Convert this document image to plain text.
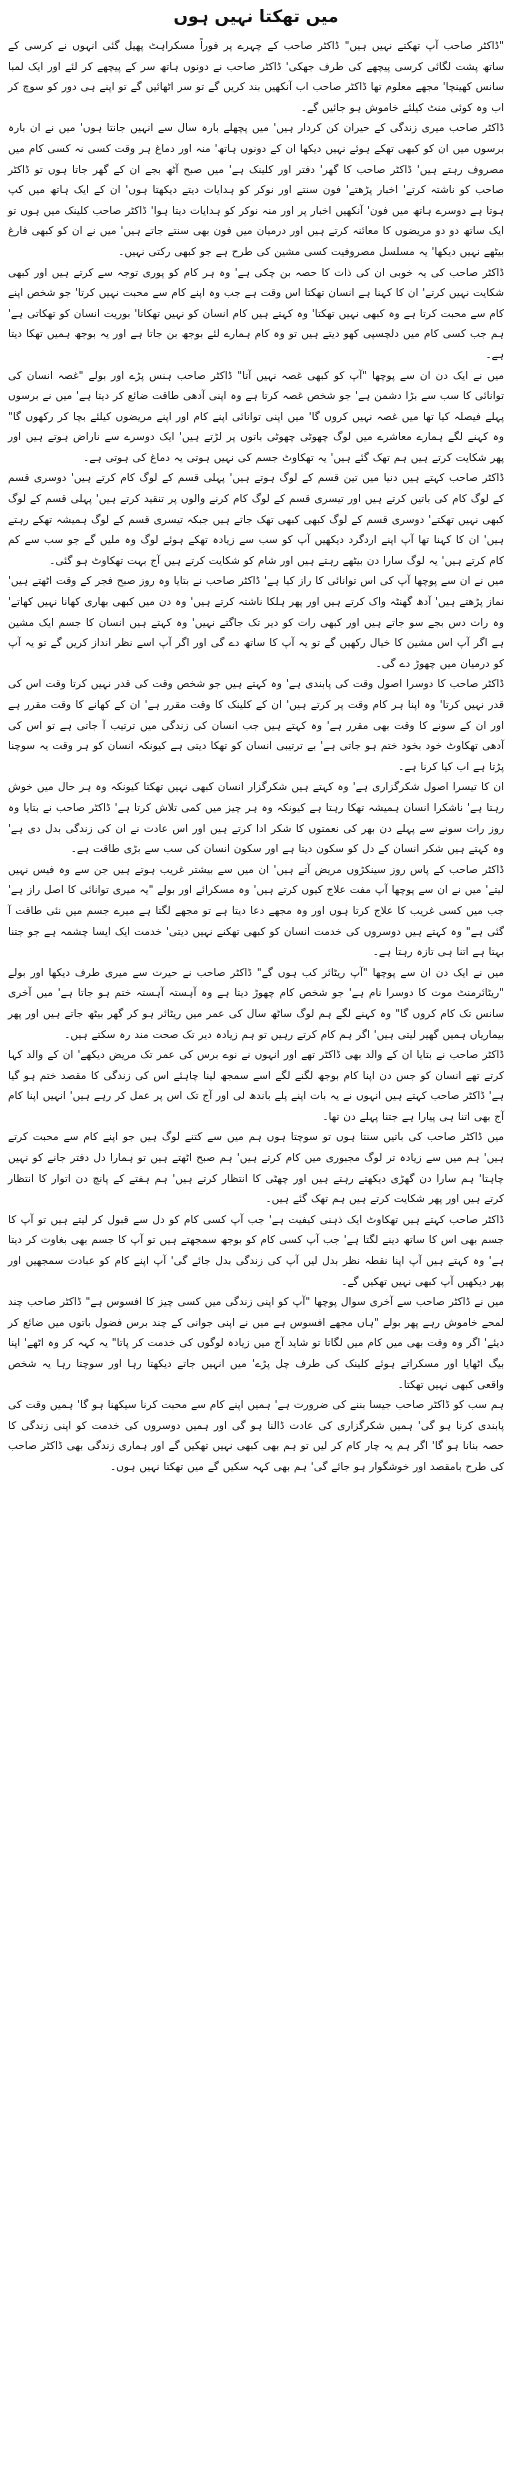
میں تھکتا نہیں ہوں

"ڈاکٹر صاحب آپ تھکتے نہیں ہیں" ڈاکٹر صاحب کے چہرے پر فوراً مسکراہٹ پھیل گئی انہوں نے کرسی کے ساتھ پشت لگائی کرسی پیچھے کی طرف جھکی' ڈاکٹر صاحب نے دونوں ہاتھ سر کے پیچھے کر لئے اور ایک لمبا سانس کھینچا' مجھے معلوم تھا ڈاکٹر صاحب اب آنکھیں بند کریں گے تو سر اٹھائیں گے تو اپنے ہی دور کو سوچ کر اب وہ کوئی منٹ کیلئے خاموش ہو جائیں گے۔

ڈاکٹر صاحب میری زندگی کے حیران کن کردار ہیں' میں پچھلے بارہ سال سے انہیں جانتا ہوں' میں نے ان بارہ برسوں میں ان کو کبھی تھکے ہوئے نہیں دیکھا ان کے دونوں ہاتھ' منہ اور دماغ ہر وقت کسی نہ کسی کام میں مصروف رہتے ہیں' ڈاکٹر صاحب کا گھر' دفتر اور کلینک ہے' میں صبح آٹھ بجے ان کے گھر جاتا ہوں تو ڈاکٹر صاحب کو ناشتہ کرتے' اخبار پڑھتے' فون سنتے اور نوکر کو ہدایات دیتے دیکھتا ہوں' ان کے ایک ہاتھ میں کپ ہوتا ہے دوسرے ہاتھ میں فون' آنکھیں اخبار پر اور منہ نوکر کو ہدایات دیتا ہوا' ڈاکٹر صاحب کلینک میں ہوں تو ایک ساتھ دو دو مریضوں کا معائنہ کرتے ہیں اور درمیان میں فون بھی سنتے جاتے ہیں' میں نے ان کو کبھی فارغ بیٹھے نہیں دیکھا' یہ مسلسل مصروفیت کسی مشین کی طرح ہے جو کبھی رکتی نہیں۔

ڈاکٹر صاحب کی یہ خوبی ان کی ذات کا حصہ بن چکی ہے' وہ ہر کام کو پوری توجہ سے کرتے ہیں اور کبھی شکایت نہیں کرتے' ان کا کہنا ہے انسان تھکتا اس وقت ہے جب وہ اپنے کام سے محبت نہیں کرتا' جو شخص اپنے کام سے محبت کرتا ہے وہ کبھی نہیں تھکتا' وہ کہتے ہیں کام انسان کو نہیں تھکاتا' بوریت انسان کو تھکاتی ہے' ہم جب کسی کام میں دلچسپی کھو دیتے ہیں تو وہ کام ہمارے لئے بوجھ بن جاتا ہے اور یہ بوجھ ہمیں تھکا دیتا ہے۔

میں نے ایک دن ان سے پوچھا "آپ کو کبھی غصہ نہیں آتا" ڈاکٹر صاحب ہنس پڑے اور بولے "غصہ انسان کی توانائی کا سب سے بڑا دشمن ہے' جو شخص غصہ کرتا ہے وہ اپنی آدھی طاقت ضائع کر دیتا ہے' میں نے برسوں پہلے فیصلہ کیا تھا میں غصہ نہیں کروں گا' میں اپنی توانائی اپنے کام اور اپنے مریضوں کیلئے بچا کر رکھوں گا" وہ کہنے لگے ہمارے معاشرے میں لوگ چھوٹی چھوٹی باتوں پر لڑتے ہیں' ایک دوسرے سے ناراض ہوتے ہیں اور پھر شکایت کرتے ہیں ہم تھک گئے ہیں' یہ تھکاوٹ جسم کی نہیں ہوتی یہ دماغ کی ہوتی ہے۔

ڈاکٹر صاحب کہتے ہیں دنیا میں تین قسم کے لوگ ہوتے ہیں' پہلی قسم کے لوگ کام کرتے ہیں' دوسری قسم کے لوگ کام کی باتیں کرتے ہیں اور تیسری قسم کے لوگ کام کرنے والوں پر تنقید کرتے ہیں' پہلی قسم کے لوگ کبھی نہیں تھکتے' دوسری قسم کے لوگ کبھی کبھی تھک جاتے ہیں جبکہ تیسری قسم کے لوگ ہمیشہ تھکے رہتے ہیں' ان کا کہنا تھا آپ اپنے اردگرد دیکھیں آپ کو سب سے زیادہ تھکے ہوئے لوگ وہ ملیں گے جو سب سے کم کام کرتے ہیں' یہ لوگ سارا دن بیٹھے رہتے ہیں اور شام کو شکایت کرتے ہیں آج بہت تھکاوٹ ہو گئی۔

میں نے ان سے پوچھا آپ کی اس توانائی کا راز کیا ہے' ڈاکٹر صاحب نے بتایا وہ روز صبح فجر کے وقت اٹھتے ہیں' نماز پڑھتے ہیں' آدھ گھنٹہ واک کرتے ہیں اور پھر ہلکا ناشتہ کرتے ہیں' وہ دن میں کبھی بھاری کھانا نہیں کھاتے' وہ رات دس بجے سو جاتے ہیں اور کبھی رات کو دیر تک جاگتے نہیں' وہ کہتے ہیں انسان کا جسم ایک مشین ہے اگر آپ اس مشین کا خیال رکھیں گے تو یہ آپ کا ساتھ دے گی اور اگر آپ اسے نظر انداز کریں گے تو یہ آپ کو درمیان میں چھوڑ دے گی۔

ڈاکٹر صاحب کا دوسرا اصول وقت کی پابندی ہے' وہ کہتے ہیں جو شخص وقت کی قدر نہیں کرتا وقت اس کی قدر نہیں کرتا' وہ اپنا ہر کام وقت پر کرتے ہیں' ان کے کلینک کا وقت مقرر ہے' ان کے کھانے کا وقت مقرر ہے اور ان کے سونے کا وقت بھی مقرر ہے' وہ کہتے ہیں جب انسان کی زندگی میں ترتیب آ جاتی ہے تو اس کی آدھی تھکاوٹ خود بخود ختم ہو جاتی ہے' بے ترتیبی انسان کو تھکا دیتی ہے کیونکہ انسان کو ہر وقت یہ سوچنا پڑتا ہے اب کیا کرنا ہے۔

ان کا تیسرا اصول شکرگزاری ہے' وہ کہتے ہیں شکرگزار انسان کبھی نہیں تھکتا کیونکہ وہ ہر حال میں خوش رہتا ہے' ناشکرا انسان ہمیشہ تھکا رہتا ہے کیونکہ وہ ہر چیز میں کمی تلاش کرتا ہے' ڈاکٹر صاحب نے بتایا وہ روز رات سونے سے پہلے دن بھر کی نعمتوں کا شکر ادا کرتے ہیں اور اس عادت نے ان کی زندگی بدل دی ہے' وہ کہتے ہیں شکر انسان کے دل کو سکون دیتا ہے اور سکون انسان کی سب سے بڑی طاقت ہے۔

ڈاکٹر صاحب کے پاس روز سینکڑوں مریض آتے ہیں' ان میں سے بیشتر غریب ہوتے ہیں جن سے وہ فیس نہیں لیتے' میں نے ان سے پوچھا آپ مفت علاج کیوں کرتے ہیں' وہ مسکرائے اور بولے "یہ میری توانائی کا اصل راز ہے' جب میں کسی غریب کا علاج کرتا ہوں اور وہ مجھے دعا دیتا ہے تو مجھے لگتا ہے میرے جسم میں نئی طاقت آ گئی ہے" وہ کہتے ہیں دوسروں کی خدمت انسان کو کبھی تھکنے نہیں دیتی' خدمت ایک ایسا چشمہ ہے جو جتنا بہتا ہے اتنا ہی تازہ رہتا ہے۔

میں نے ایک دن ان سے پوچھا "آپ ریٹائر کب ہوں گے" ڈاکٹر صاحب نے حیرت سے میری طرف دیکھا اور بولے "ریٹائرمنٹ موت کا دوسرا نام ہے' جو شخص کام چھوڑ دیتا ہے وہ آہستہ آہستہ ختم ہو جاتا ہے' میں آخری سانس تک کام کروں گا" وہ کہنے لگے ہم لوگ ساٹھ سال کی عمر میں ریٹائر ہو کر گھر بیٹھ جاتے ہیں اور پھر بیماریاں ہمیں گھیر لیتی ہیں' اگر ہم کام کرتے رہیں تو ہم زیادہ دیر تک صحت مند رہ سکتے ہیں۔

ڈاکٹر صاحب نے بتایا ان کے والد بھی ڈاکٹر تھے اور انہوں نے نوے برس کی عمر تک مریض دیکھے' ان کے والد کہا کرتے تھے انسان کو جس دن اپنا کام بوجھ لگنے لگے اسے سمجھ لینا چاہئے اس کی زندگی کا مقصد ختم ہو گیا ہے' ڈاکٹر صاحب کہتے ہیں انہوں نے یہ بات اپنے پلے باندھ لی اور آج تک اس پر عمل کر رہے ہیں' انہیں اپنا کام آج بھی اتنا ہی پیارا ہے جتنا پہلے دن تھا۔

میں ڈاکٹر صاحب کی باتیں سنتا ہوں تو سوچتا ہوں ہم میں سے کتنے لوگ ہیں جو اپنے کام سے محبت کرتے ہیں' ہم میں سے زیادہ تر لوگ مجبوری میں کام کرتے ہیں' ہم صبح اٹھتے ہیں تو ہمارا دل دفتر جانے کو نہیں چاہتا' ہم سارا دن گھڑی دیکھتے رہتے ہیں اور چھٹی کا انتظار کرتے ہیں' ہم ہفتے کے پانچ دن اتوار کا انتظار کرتے ہیں اور پھر شکایت کرتے ہیں ہم تھک گئے ہیں۔

ڈاکٹر صاحب کہتے ہیں تھکاوٹ ایک ذہنی کیفیت ہے' جب آپ کسی کام کو دل سے قبول کر لیتے ہیں تو آپ کا جسم بھی اس کا ساتھ دینے لگتا ہے' جب آپ کسی کام کو بوجھ سمجھتے ہیں تو آپ کا جسم بھی بغاوت کر دیتا ہے' وہ کہتے ہیں آپ اپنا نقطہ نظر بدل لیں آپ کی زندگی بدل جائے گی' آپ اپنے کام کو عبادت سمجھیں اور پھر دیکھیں آپ کبھی نہیں تھکیں گے۔

میں نے ڈاکٹر صاحب سے آخری سوال پوچھا "آپ کو اپنی زندگی میں کسی چیز کا افسوس ہے" ڈاکٹر صاحب چند لمحے خاموش رہے پھر بولے "ہاں مجھے افسوس ہے میں نے اپنی جوانی کے چند برس فضول باتوں میں ضائع کر دیئے' اگر وہ وقت بھی میں کام میں لگاتا تو شاید آج میں زیادہ لوگوں کی خدمت کر پاتا" یہ کہہ کر وہ اٹھے' اپنا بیگ اٹھایا اور مسکراتے ہوئے کلینک کی طرف چل پڑے' میں انہیں جاتے دیکھتا رہا اور سوچتا رہا یہ شخص واقعی کبھی نہیں تھکتا۔

ہم سب کو ڈاکٹر صاحب جیسا بننے کی ضرورت ہے' ہمیں اپنے کام سے محبت کرنا سیکھنا ہو گا' ہمیں وقت کی پابندی کرنا ہو گی' ہمیں شکرگزاری کی عادت ڈالنا ہو گی اور ہمیں دوسروں کی خدمت کو اپنی زندگی کا حصہ بنانا ہو گا' اگر ہم یہ چار کام کر لیں تو ہم بھی کبھی نہیں تھکیں گے اور ہماری زندگی بھی ڈاکٹر صاحب کی طرح بامقصد اور خوشگوار ہو جائے گی' ہم بھی کہہ سکیں گے میں تھکتا نہیں ہوں۔
